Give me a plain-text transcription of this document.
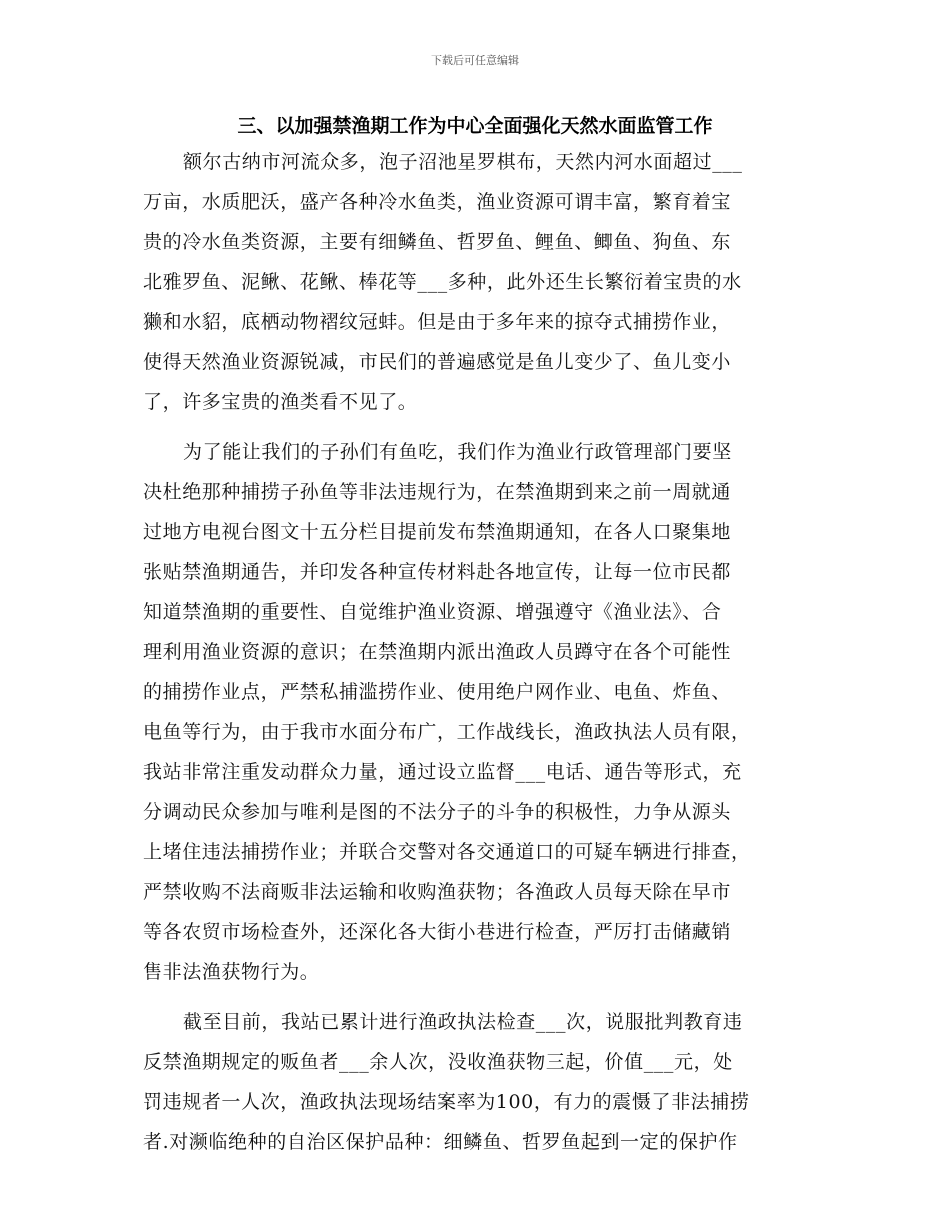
下载后可任意编辑
三、以加强禁渔期工作为中心全面强化天然水面监管工作
额尔古纳市河流众多，泡子沼池星罗棋布，天然内河水面超过___
万亩，水质肥沃，盛产各种冷水鱼类，渔业资源可谓丰富，繁育着宝
贵的冷水鱼类资源，主要有细鳞鱼、哲罗鱼、鲤鱼、鲫鱼、狗鱼、东
北雅罗鱼、泥鳅、花鳅、棒花等___多种，此外还生长繁衍着宝贵的水
獭和水貂，底栖动物褶纹冠蚌。但是由于多年来的掠夺式捕捞作业，
使得天然渔业资源锐减，市民们的普遍感觉是鱼儿变少了、鱼儿变小
了，许多宝贵的渔类看不见了。
为了能让我们的子孙们有鱼吃，我们作为渔业行政管理部门要坚
决杜绝那种捕捞子孙鱼等非法违规行为，在禁渔期到来之前一周就通
过地方电视台图文十五分栏目提前发布禁渔期通知，在各人口聚集地
张贴禁渔期通告，并印发各种宣传材料赴各地宣传，让每一位市民都
知道禁渔期的重要性、自觉维护渔业资源、增强遵守《渔业法》、合
理利用渔业资源的意识；在禁渔期内派出渔政人员蹲守在各个可能性
的捕捞作业点，严禁私捕滥捞作业、使用绝户网作业、电鱼、炸鱼、
电鱼等行为，由于我市水面分布广，工作战线长，渔政执法人员有限，
我站非常注重发动群众力量，通过设立监督___电话、通告等形式，充
分调动民众参加与唯利是图的不法分子的斗争的积极性，力争从源头
上堵住违法捕捞作业；并联合交警对各交通道口的可疑车辆进行排查，
严禁收购不法商贩非法运输和收购渔获物；各渔政人员每天除在早市
等各农贸市场检查外，还深化各大街小巷进行检查，严厉打击储藏销
售非法渔获物行为。
截至目前，我站已累计进行渔政执法检查___次，说服批判教育违
反禁渔期规定的贩鱼者___余人次，没收渔获物三起，价值___元，处
罚违规者一人次，渔政执法现场结案率为100，有力的震慑了非法捕捞
者.对濒临绝种的自治区保护品种：细鳞鱼、哲罗鱼起到一定的保护作
